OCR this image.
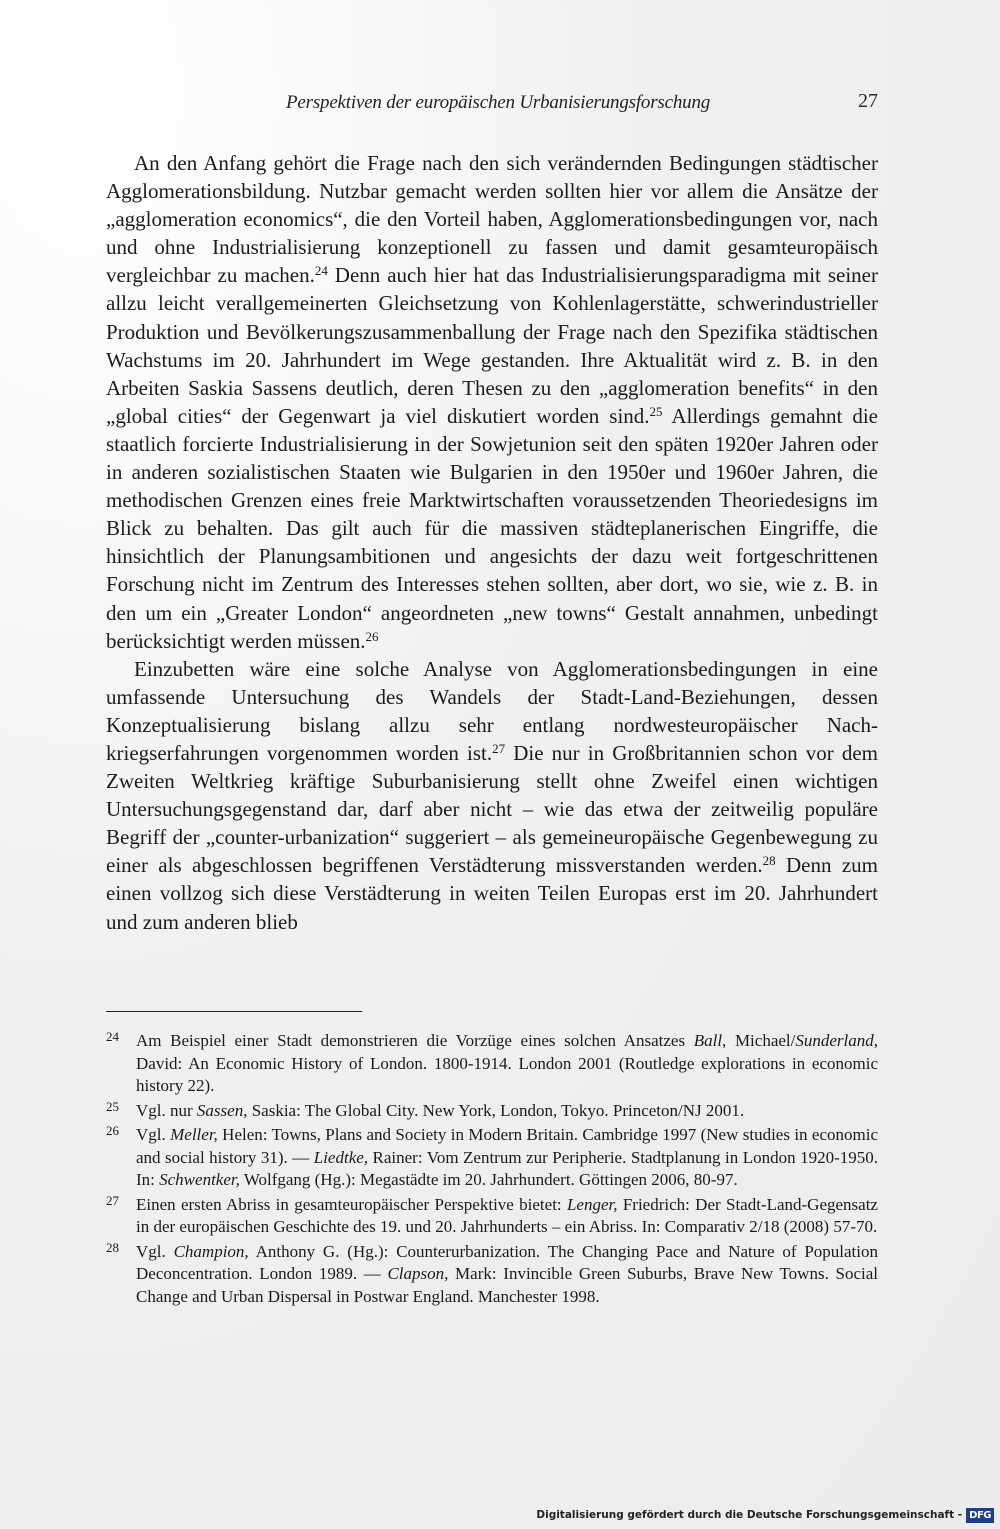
Perspektiven der europäischen Urbanisierungsforschung	27

An den Anfang gehört die Frage nach den sich verändernden Bedingungen städtischer Agglomerationsbildung. Nutzbar gemacht werden sollten hier vor allem die Ansätze der „agglomeration economics“, die den Vorteil haben, Agglomerationsbedingungen vor, nach und ohne Industrialisierung konzeptionell zu fassen und damit gesamteuropäisch vergleichbar zu machen.$^{24}$ Denn auch hier hat das Industrialisierungsparadigma mit seiner allzu leicht verallgemeinerten Gleichsetzung von Kohlenlagerstätte, schwerindustrieller Produktion und Bevölkerungszusammenballung der Frage nach den Spezifika städtischen Wachstums im 20. Jahrhundert im Wege gestanden. Ihre Aktualität wird z. B. in den Arbeiten Saskia Sassens deutlich, deren Thesen zu den „agglomeration benefits“ in den „global cities“ der Gegenwart ja viel diskutiert worden sind.$^{25}$ Allerdings gemahnt die staatlich forcierte Industrialisierung in der Sowjetunion seit den späten 1920er Jahren oder in anderen sozialistischen Staaten wie Bulgarien in den 1950er und 1960er Jahren, die methodischen Grenzen eines freie Marktwirtschaften voraussetzenden Theoriedesigns im Blick zu behalten. Das gilt auch für die massiven städteplanerischen Eingriffe, die hinsichtlich der Planungsambitionen und angesichts der dazu weit fortgeschrittenen Forschung nicht im Zentrum des Interesses stehen sollten, aber dort, wo sie, wie z. B. in den um ein „Greater London“ angeordneten „new towns“ Gestalt annahmen, unbedingt berücksichtigt werden müssen.$^{26}$

Einzubetten wäre eine solche Analyse von Agglomerationsbedingungen in eine umfassende Untersuchung des Wandels der Stadt-Land-Beziehungen, dessen Konzeptualisierung bislang allzu sehr entlang nordwesteuropäischer Nachkriegserfahrungen vorgenommen worden ist.$^{27}$ Die nur in Großbritannien schon vor dem Zweiten Weltkrieg kräftige Suburbanisierung stellt ohne Zweifel einen wichtigen Untersuchungsgegenstand dar, darf aber nicht – wie das etwa der zeitweilig populäre Begriff der „counter-urbanization“ suggeriert – als gemeineuropäische Gegenbewegung zu einer als abgeschlossen begriffenen Verstädterung missverstanden werden.$^{28}$ Denn zum einen vollzog sich diese Verstädterung in weiten Teilen Europas erst im 20. Jahrhundert und zum anderen blieb

24 Am Beispiel einer Stadt demonstrieren die Vorzüge eines solchen Ansatzes Ball, Michael/Sunderland, David: An Economic History of London. 1800-1914. London 2001 (Routledge explorations in economic history 22).
25 Vgl. nur Sassen, Saskia: The Global City. New York, London, Tokyo. Princeton/NJ 2001.
26 Vgl. Meller, Helen: Towns, Plans and Society in Modern Britain. Cambridge 1997 (New studies in economic and social history 31). — Liedtke, Rainer: Vom Zentrum zur Peripherie. Stadtplanung in London 1920-1950. In: Schwentker, Wolfgang (Hg.): Megastädte im 20. Jahrhundert. Göttingen 2006, 80-97.
27 Einen ersten Abriss in gesamteuropäischer Perspektive bietet: Lenger, Friedrich: Der Stadt-Land-Gegensatz in der europäischen Geschichte des 19. und 20. Jahrhunderts – ein Abriss. In: Comparativ 2/18 (2008) 57-70.
28 Vgl. Champion, Anthony G. (Hg.): Counterurbanization. The Changing Pace and Nature of Population Deconcentration. London 1989. — Clapson, Mark: Invincible Green Suburbs, Brave New Towns. Social Change and Urban Dispersal in Postwar England. Manchester 1998.
Digitalisierung gefördert durch die Deutsche Forschungsgemeinschaft - DFG
